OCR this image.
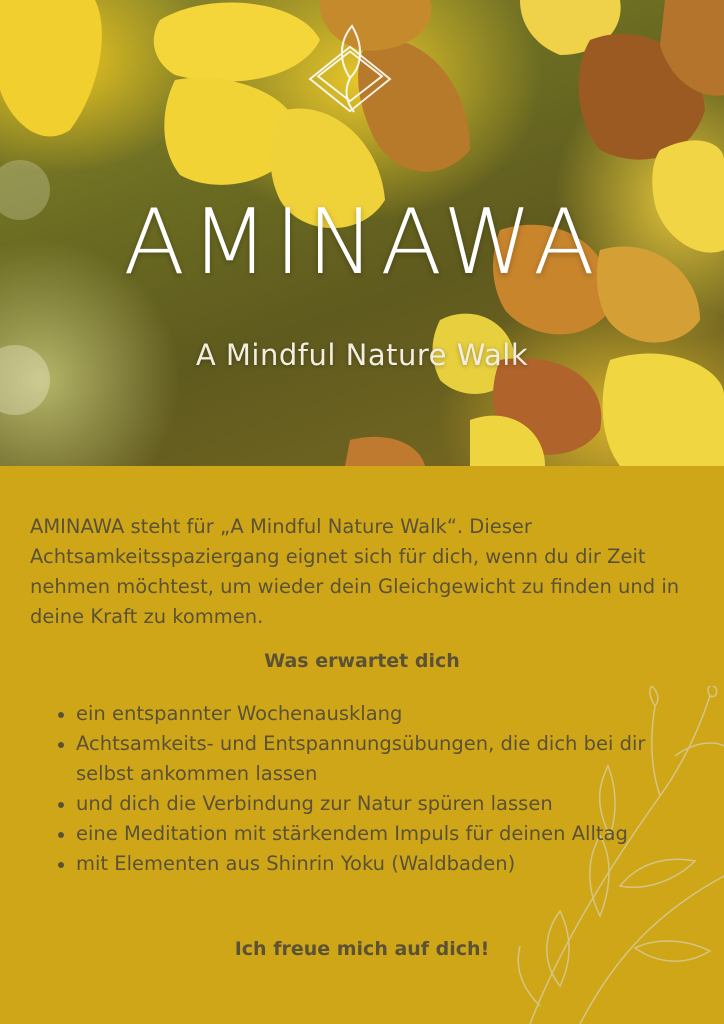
AMINAWA
A Mindful Nature Walk

AMINAWA steht für „A Mindful Nature Walk“. Dieser Achtsamkeitsspaziergang eignet sich für dich, wenn du dir Zeit nehmen möchtest, um wieder dein Gleichgewicht zu finden und in deine Kraft zu kommen.

Was erwartet dich
ein entspannter Wochenausklang
Achtsamkeits- und Entspannungsübungen, die dich bei dir selbst ankommen lassen
und dich die Verbindung zur Natur spüren lassen
eine Meditation mit stärkendem Impuls für deinen Alltag
mit Elementen aus Shinrin Yoku (Waldbaden)

Ich freue mich auf dich!
